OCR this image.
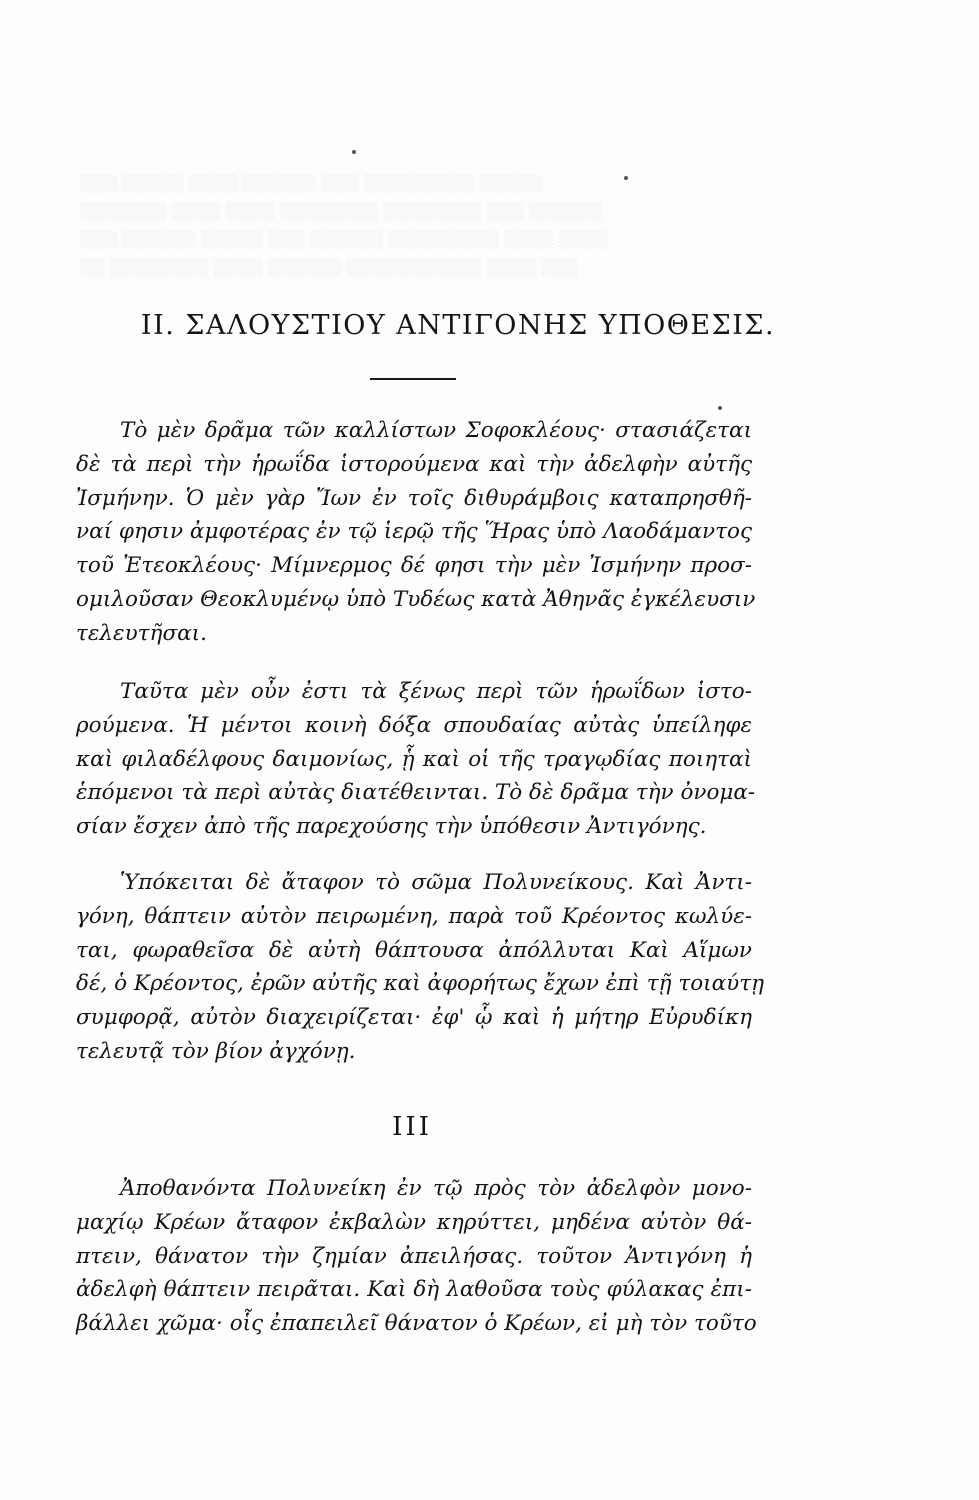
II. ΣΑΛΟΥΣΤΙΟΥ ΑΝΤΙΓΟΝΗΣ ΥΠΟΘΕΣΙΣ.
Τὸ μὲν δρᾶμα τῶν καλλίστων Σοφοκλέους· στασιάζεται
δὲ τὰ περὶ τὴν ἡρωΐδα ἱστορούμενα καὶ τὴν ἀδελφὴν αὐτῆς
Ἰσμήνην. Ὁ μὲν γὰρ Ἴων ἐν τοῖς διθυράμβοις καταπρησθῆ-
ναί φησιν ἀμφοτέρας ἐν τῷ ἱερῷ τῆς Ἥρας ὑπὸ Λαοδάμαντος
τοῦ Ἐτεοκλέους· Μίμνερμος δέ φησι τὴν μὲν Ἰσμήνην προσ-
ομιλοῦσαν Θεοκλυμένῳ ὑπὸ Τυδέως κατὰ Ἀθηνᾶς ἐγκέλευσιν
τελευτῆσαι.
Ταῦτα μὲν οὖν ἐστι τὰ ξένως περὶ τῶν ἡρωΐδων ἱστο-
ρούμενα. Ἡ μέντοι κοινὴ δόξα σπουδαίας αὐτὰς ὑπείληφε
καὶ φιλαδέλφους δαιμονίως, ᾗ καὶ οἱ τῆς τραγῳδίας ποιηταὶ
ἑπόμενοι τὰ περὶ αὐτὰς διατέθεινται. Τὸ δὲ δρᾶμα τὴν ὀνομα-
σίαν ἔσχεν ἀπὸ τῆς παρεχούσης τὴν ὑπόθεσιν Ἀντιγόνης.
Ὑπόκειται δὲ ἄταφον τὸ σῶμα Πολυνείκους. Καὶ Ἀντι-
γόνη, θάπτειν αὐτὸν πειρωμένη, παρὰ τοῦ Κρέοντος κωλύε-
ται, φωραθεῖσα δὲ αὐτὴ θάπτουσα ἀπόλλυται Καὶ Αἵμων
δέ, ὁ Κρέοντος, ἐρῶν αὐτῆς καὶ ἀφορήτως ἔχων ἐπὶ τῇ τοιαύτῃ
συμφορᾷ, αὐτὸν διαχειρίζεται· ἐφ' ᾧ καὶ ἡ μήτηρ Εὐρυδίκη
τελευτᾷ τὸν βίον ἀγχόνῃ.
III
Ἀποθανόντα Πολυνείκη ἐν τῷ πρὸς τὸν ἀδελφὸν μονο-
μαχίῳ Κρέων ἄταφον ἐκβαλὼν κηρύττει, μηδένα αὐτὸν θά-
πτειν, θάνατον τὴν ζημίαν ἀπειλήσας. τοῦτον Ἀντιγόνη ἡ
ἀδελφὴ θάπτειν πειρᾶται. Καὶ δὴ λαθοῦσα τοὺς φύλακας ἐπι-
βάλλει χῶμα· οἷς ἐπαπειλεῖ θάνατον ὁ Κρέων, εἰ μὴ τὸν τοῦτο
